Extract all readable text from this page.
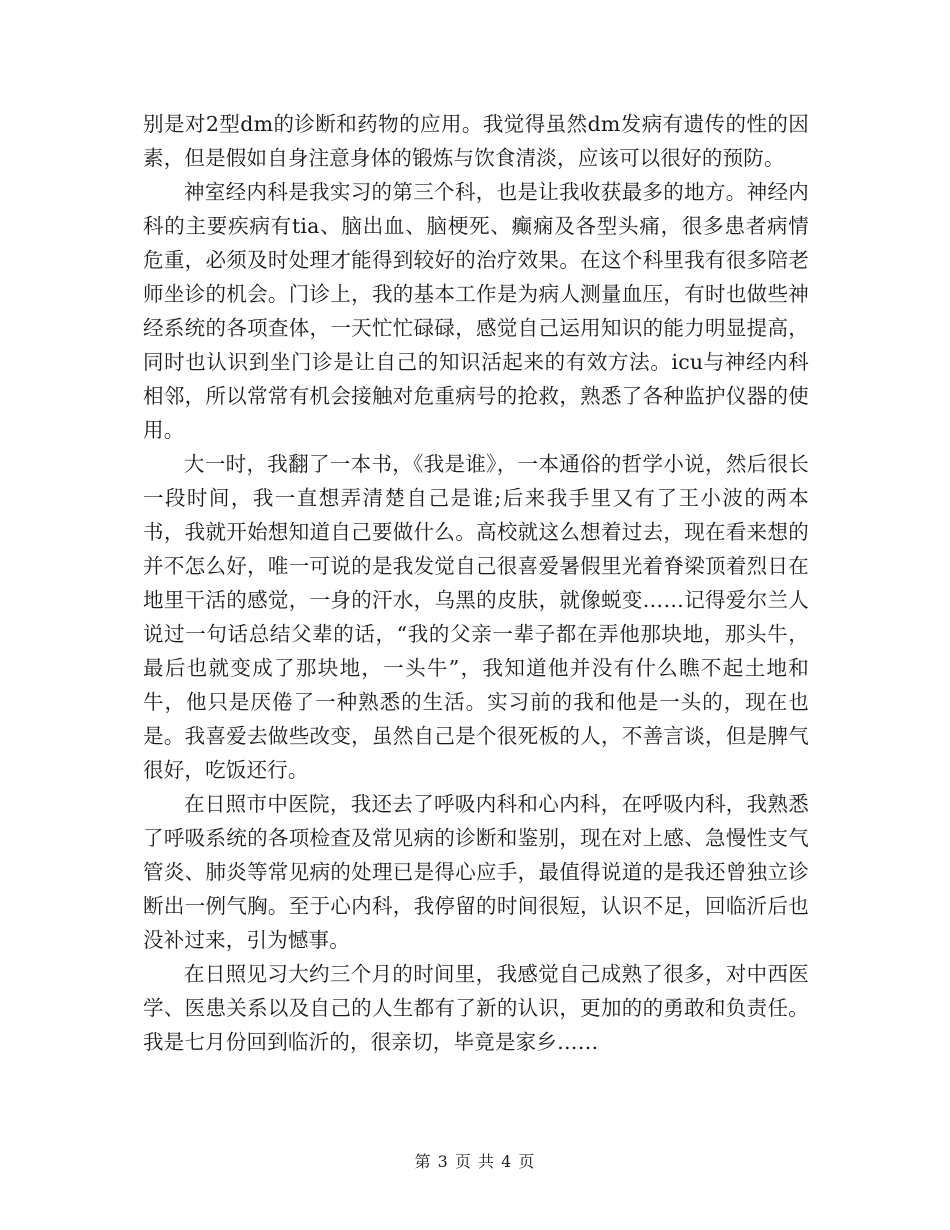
别是对2型dm的诊断和药物的应用。我觉得虽然dm发病有遗传的性的因素，但是假如自身注意身体的锻炼与饮食清淡，应该可以很好的预防。

神室经内科是我实习的第三个科，也是让我收获最多的地方。神经内科的主要疾病有tia、脑出血、脑梗死、癫痫及各型头痛，很多患者病情危重，必须及时处理才能得到较好的治疗效果。在这个科里我有很多陪老师坐诊的机会。门诊上，我的基本工作是为病人测量血压，有时也做些神经系统的各项查体，一天忙忙碌碌，感觉自己运用知识的能力明显提高，同时也认识到坐门诊是让自己的知识活起来的有效方法。icu与神经内科相邻，所以常常有机会接触对危重病号的抢救，熟悉了各种监护仪器的使用。

大一时，我翻了一本书，《我是谁》，一本通俗的哲学小说，然后很长一段时间，我一直想弄清楚自己是谁;后来我手里又有了王小波的两本书，我就开始想知道自己要做什么。高校就这么想着过去，现在看来想的并不怎么好，唯一可说的是我发觉自己很喜爱暑假里光着脊梁顶着烈日在地里干活的感觉，一身的汗水，乌黑的皮肤，就像蜕变……记得爱尔兰人说过一句话总结父辈的话，“我的父亲一辈子都在弄他那块地，那头牛，最后也就变成了那块地，一头牛”，我知道他并没有什么瞧不起土地和牛，他只是厌倦了一种熟悉的生活。实习前的我和他是一头的，现在也是。我喜爱去做些改变，虽然自己是个很死板的人，不善言谈，但是脾气很好，吃饭还行。

在日照市中医院，我还去了呼吸内科和心内科，在呼吸内科，我熟悉了呼吸系统的各项检查及常见病的诊断和鉴别，现在对上感、急慢性支气管炎、肺炎等常见病的处理已是得心应手，最值得说道的是我还曾独立诊断出一例气胸。至于心内科，我停留的时间很短，认识不足，回临沂后也没补过来，引为憾事。

在日照见习大约三个月的时间里，我感觉自己成熟了很多，对中西医学、医患关系以及自己的人生都有了新的认识，更加的的勇敢和负责任。我是七月份回到临沂的，很亲切，毕竟是家乡……

第 3 页 共 4 页
